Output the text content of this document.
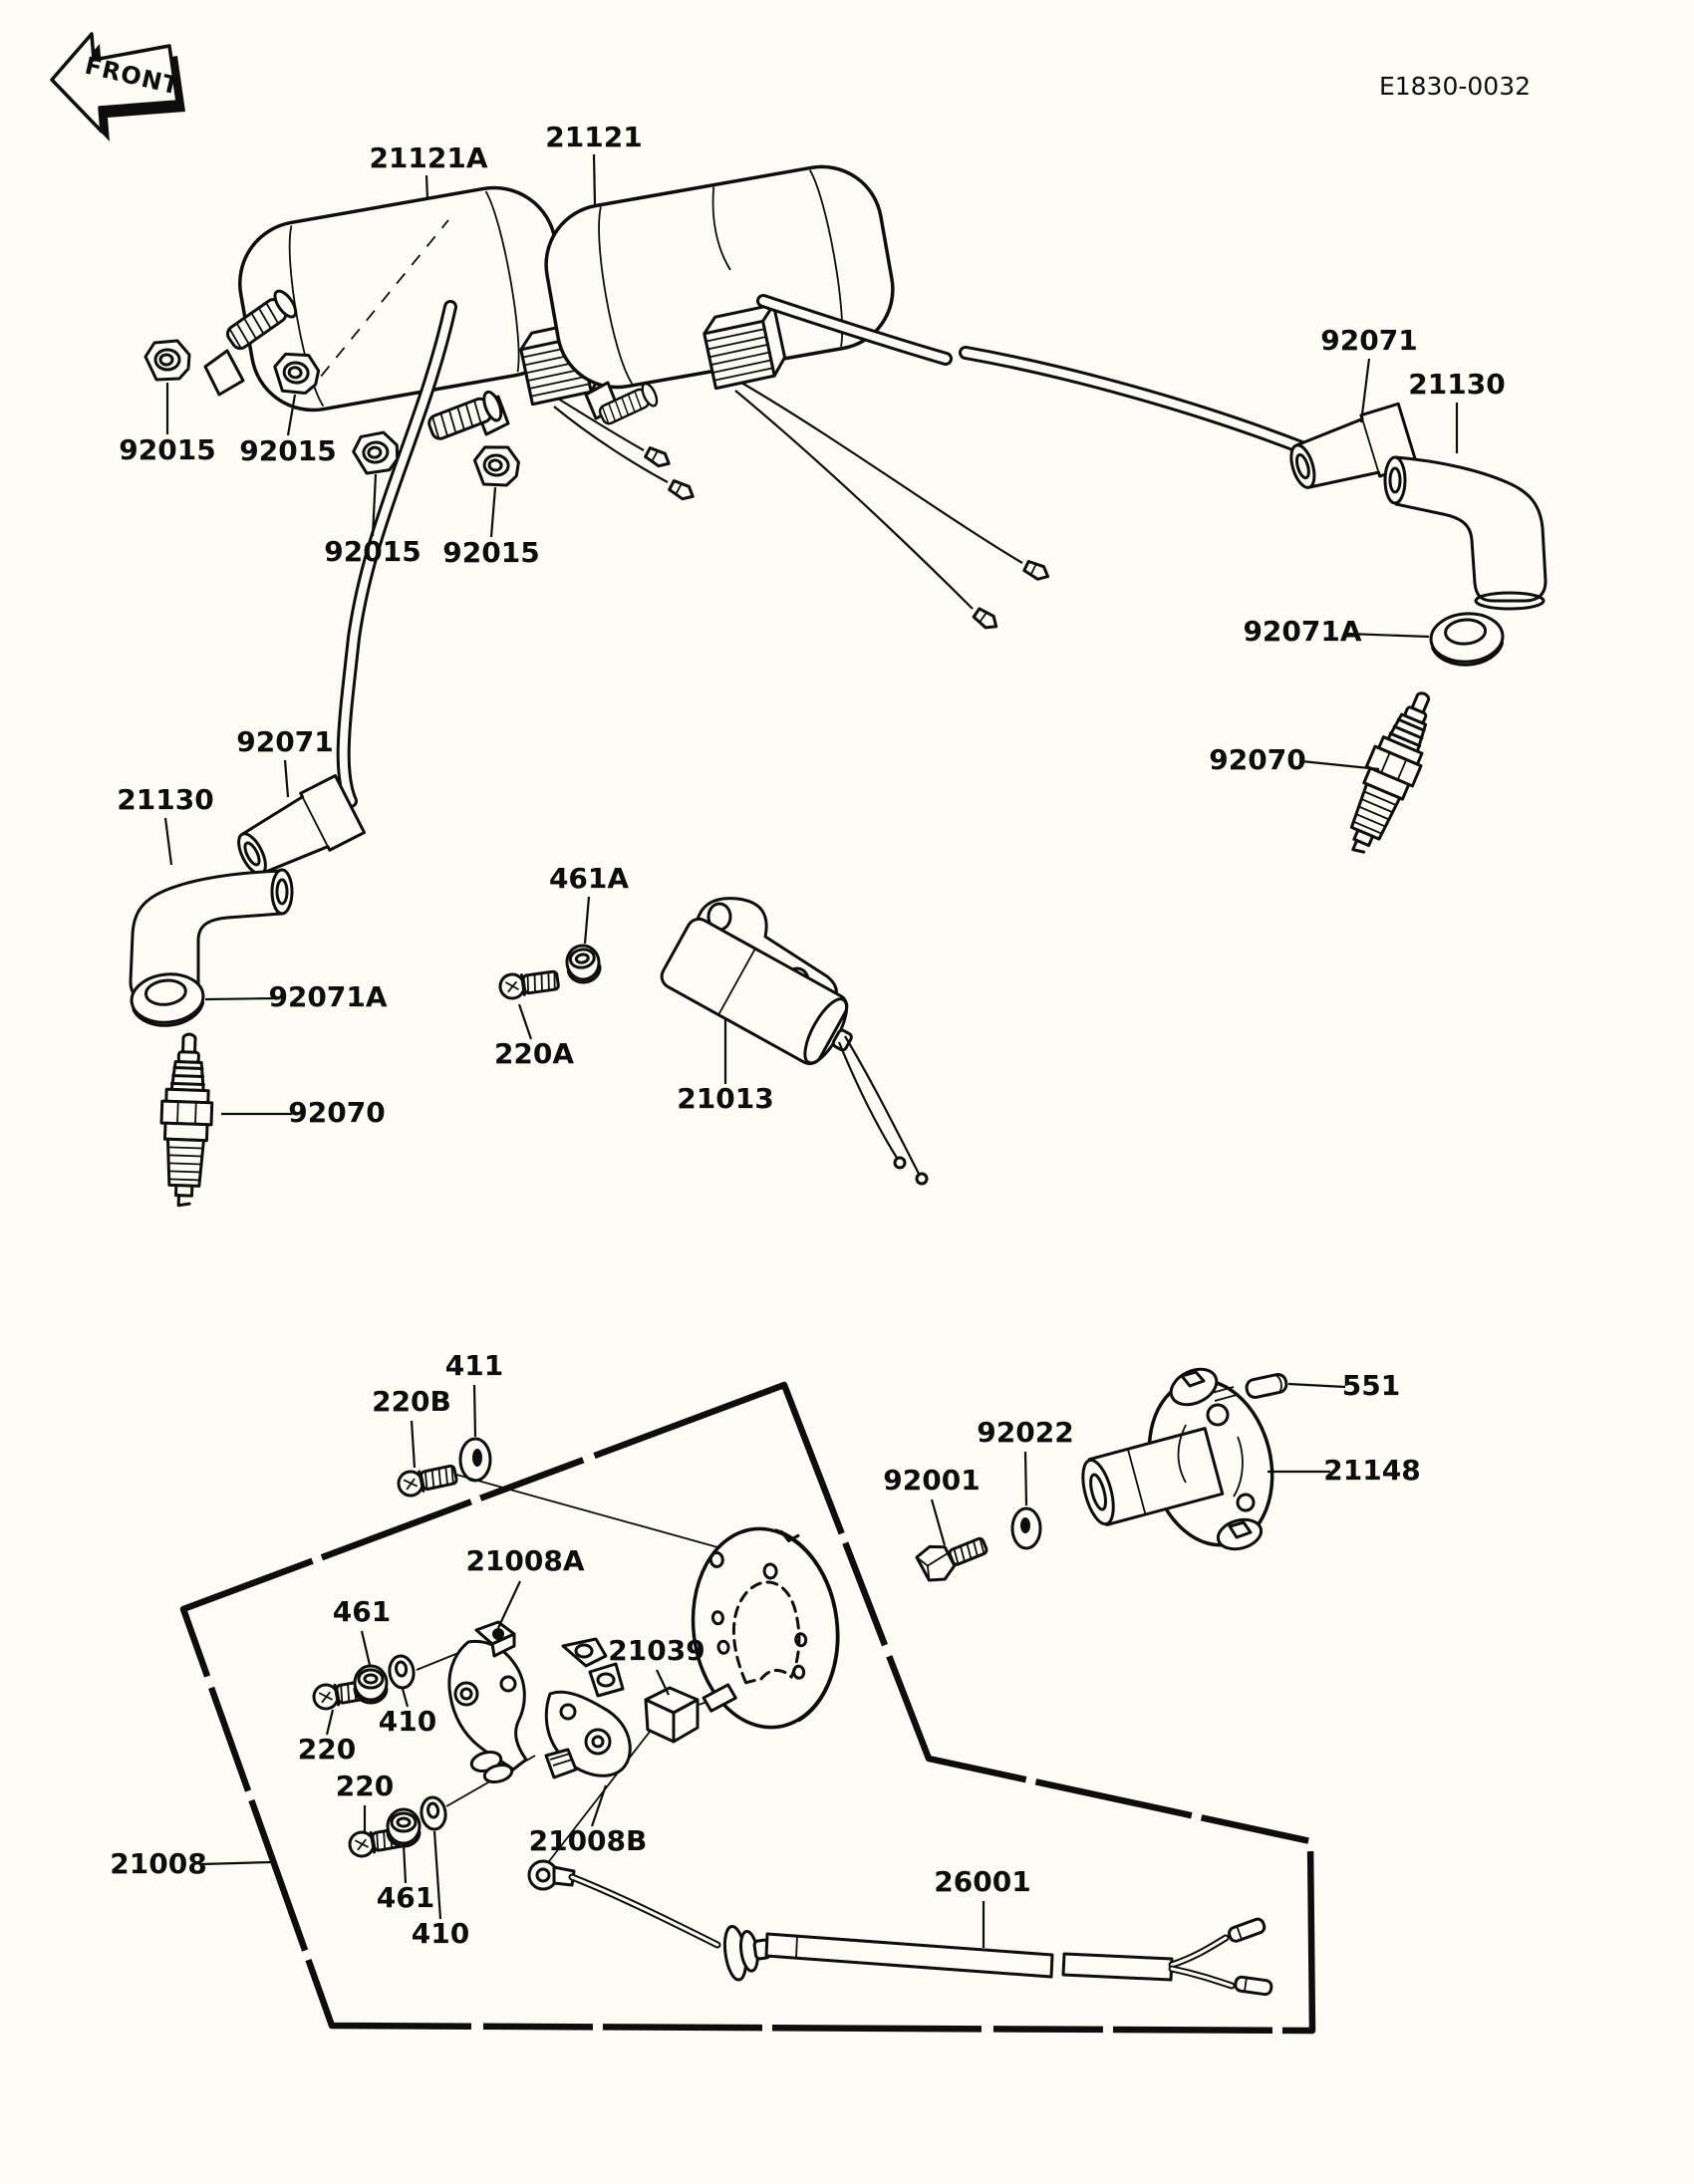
FRONT	E1830-0032
21121A
21121
92015 92015
92015 92015
92071
21130
92071A
92070
92071
21130
92071A
92070
461A
220A
21013
411
220B
21008A
21039
92001
92022
551
21148
461
410
220
220
461
410
21008B
21008
26001
